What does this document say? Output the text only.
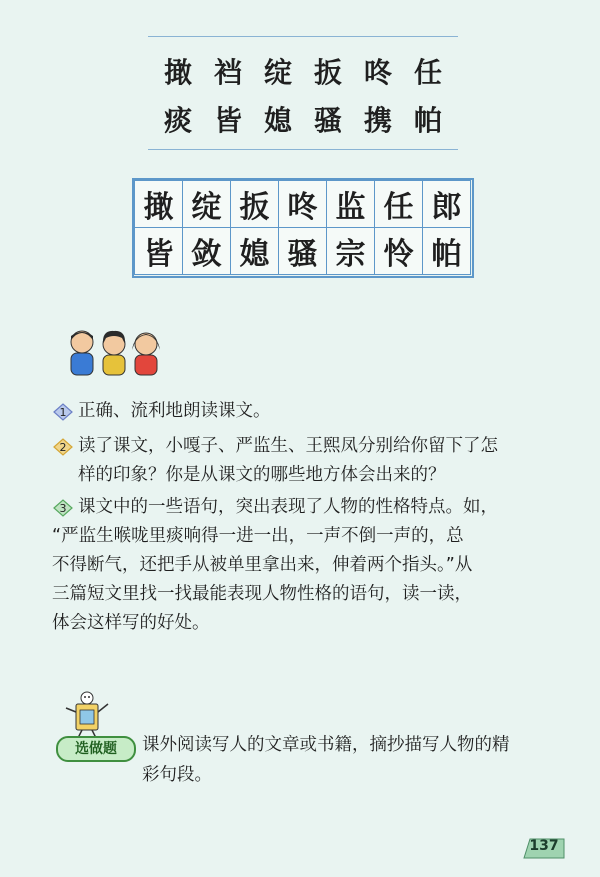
撖 裆 绽 扳 咚 任
痰 皆 媳 骚 携 帕
撖	绽	扳	咚	监	任	郎
皆	敛	媳	骚	宗	怜	帕
1 正确、流利地朗读课文。
2 读了课文，小嘎子、严监生、王熙凤分别给你留下了怎
样的印象？你是从课文的哪些地方体会出来的？
3 课文中的一些语句，突出表现了人物的性格特点。如，
“严监生喉咙里痰响得一进一出，一声不倒一声的，总
不得断气，还把手从被单里拿出来，伸着两个指头。”从
三篇短文里找一找最能表现人物性格的语句，读一读，
体会这样写的好处。
选做题	课外阅读写人的文章或书籍，摘抄描写人物的精
彩句段。
137
